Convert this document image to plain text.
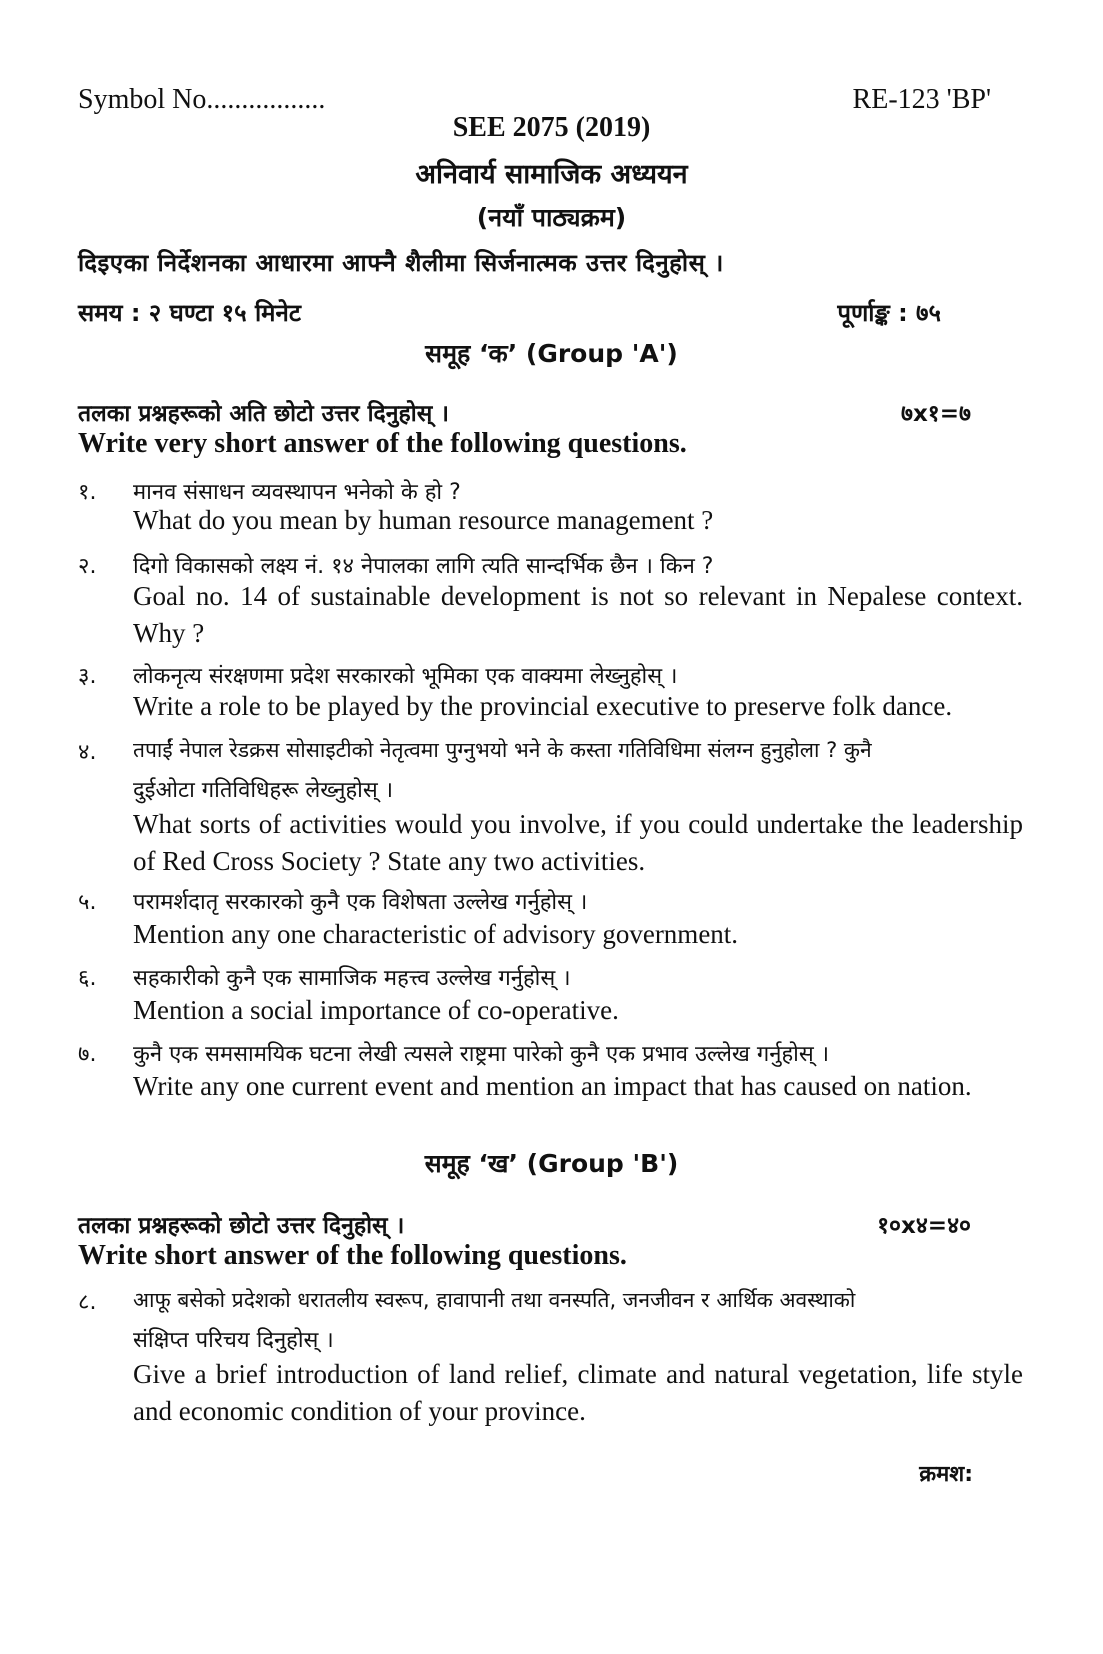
Symbol No.................	RE-123 'BP'
SEE 2075 (2019)
अनिवार्य सामाजिक अध्ययन
(नयाँ पाठ्यक्रम)
दिइएका निर्देशनका आधारमा आफ्नै शैलीमा सिर्जनात्मक उत्तर दिनुहोस् ।
समय : २ घण्टा १५ मिनेट	पूर्णाङ्क : ७५
समूह ‘क’ (Group 'A')
तलका प्रश्नहरूको अति छोटो उत्तर दिनुहोस् ।	७x१=७
Write very short answer of the following questions.
१. मानव संसाधन व्यवस्थापन भनेको के हो ?
What do you mean by human resource management ?
२. दिगो विकासको लक्ष्य नं. १४ नेपालका लागि त्यति सान्दर्भिक छैन । किन ?
Goal no. 14 of sustainable development is not so relevant in Nepalese context. Why ?
३. लोकनृत्य संरक्षणमा प्रदेश सरकारको भूमिका एक वाक्यमा लेख्नुहोस् ।
Write a role to be played by the provincial executive to preserve folk dance.
४. तपाईं नेपाल रेडक्रस सोसाइटीको नेतृत्वमा पुग्नुभयो भने के कस्ता गतिविधिमा संलग्न हुनुहोला ? कुनै
दुईओटा गतिविधिहरू लेख्नुहोस् ।
What sorts of activities would you involve, if you could undertake the leadership of Red Cross Society ? State any two activities.
५. परामर्शदातृ सरकारको कुनै एक विशेषता उल्लेख गर्नुहोस् ।
Mention any one characteristic of advisory government.
६. सहकारीको कुनै एक सामाजिक महत्त्व उल्लेख गर्नुहोस् ।
Mention a social importance of co-operative.
७. कुनै एक समसामयिक घटना लेखी त्यसले राष्ट्रमा पारेको कुनै एक प्रभाव उल्लेख गर्नुहोस् ।
Write any one current event and mention an impact that has caused on nation.
समूह ‘ख’ (Group 'B')
तलका प्रश्नहरूको छोटो उत्तर दिनुहोस् ।	१०x४=४०
Write short answer of the following questions.
८. आफू बसेको प्रदेशको धरातलीय स्वरूप, हावापानी तथा वनस्पति, जनजीवन र आर्थिक अवस्थाको
संक्षिप्त परिचय दिनुहोस् ।
Give a brief introduction of land relief, climate and natural vegetation, life style and economic condition of your province.
क्रमश:
